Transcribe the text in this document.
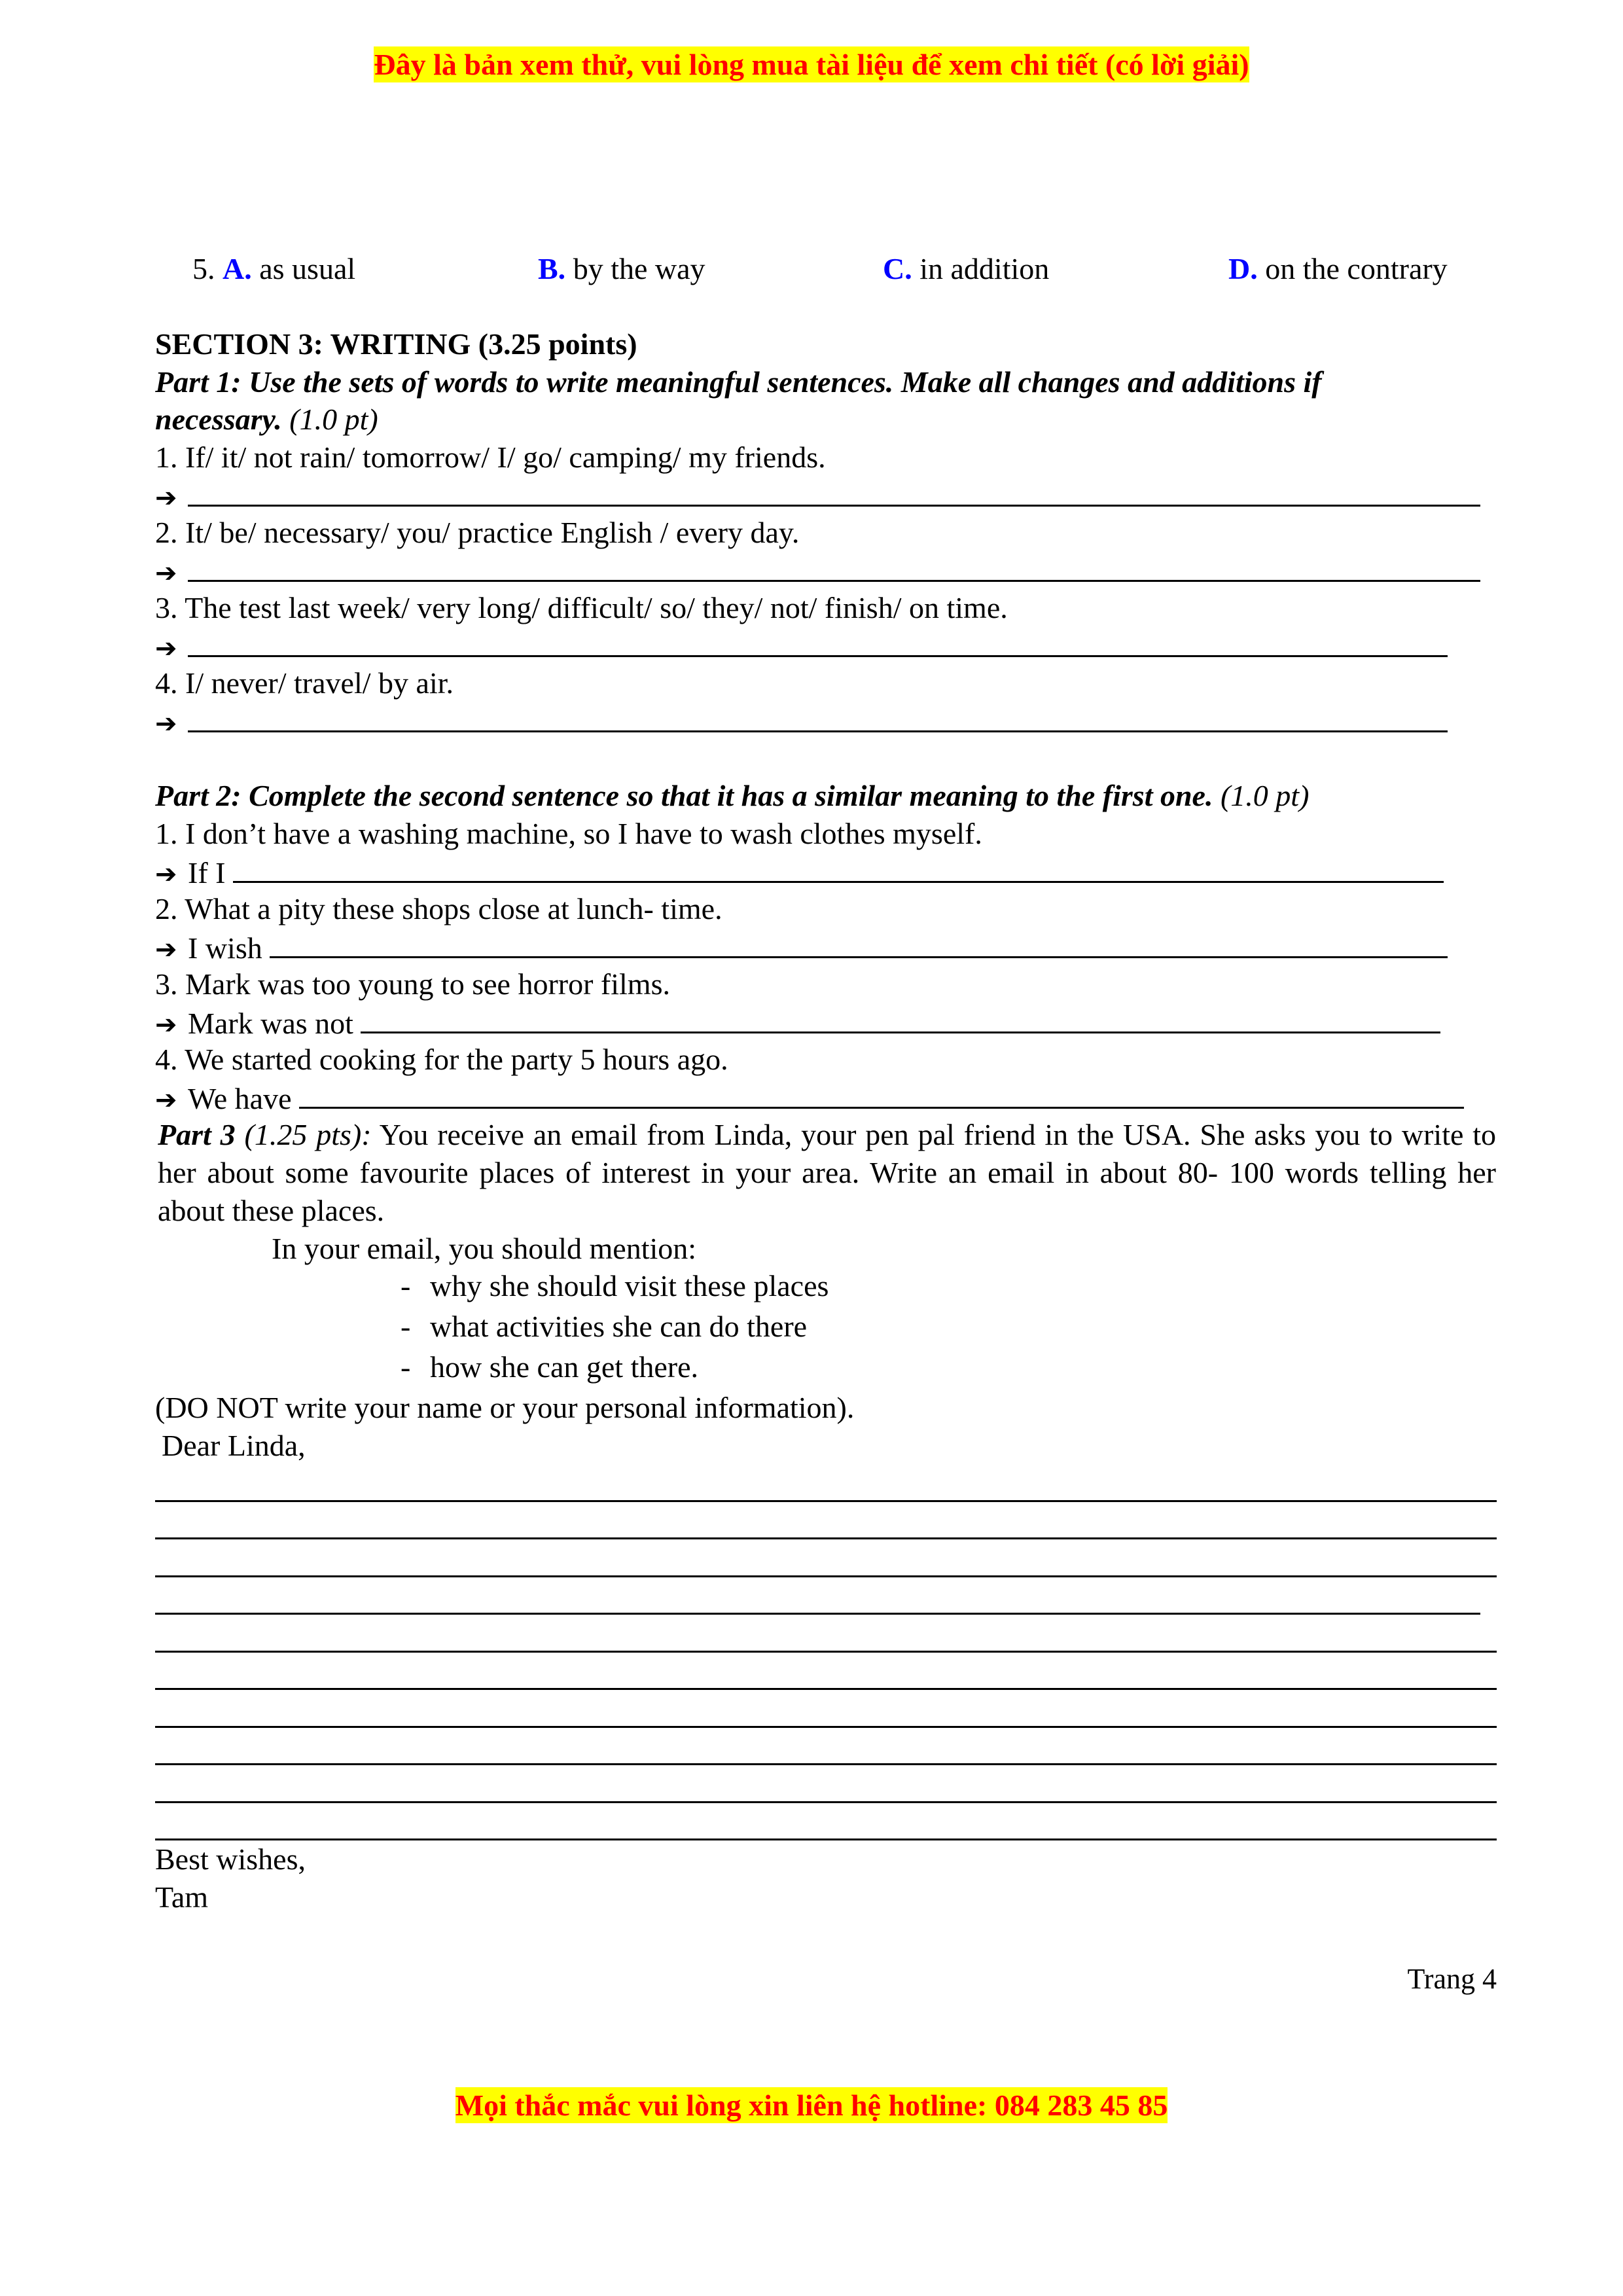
Đây là bản xem thử, vui lòng mua tài liệu để xem chi tiết (có lời giải)
5. A. as usual	B. by the way	C. in addition	D. on the contrary
SECTION 3: WRITING (3.25 points)
Part 1: Use the sets of words to write meaningful sentences. Make all changes and additions if
necessary. (1.0 pt)
1. If/ it/ not rain/ tomorrow/ I/ go/ camping/ my friends.
➔
2. It/ be/ necessary/ you/ practice English / every day.
➔
3. The test last week/ very long/ difficult/ so/ they/ not/ finish/ on time.
➔
4. I/ never/ travel/ by air.
➔
Part 2: Complete the second sentence so that it has a similar meaning to the first one. (1.0 pt)
1. I don’t have a washing machine, so I have to wash clothes myself.
➔ If I
2. What a pity these shops close at lunch- time.
➔ I wish
3. Mark was too young to see horror films.
➔ Mark was not
4. We started cooking for the party 5 hours ago.
➔ We have
Part 3 (1.25 pts): You receive an email from Linda, your pen pal friend in the USA. She asks you to write to her about some favourite places of interest in your area. Write an email in about 80- 100 words telling her about these places.
In your email, you should mention:
- why she should visit these places
- what activities she can do there
- how she can get there.
(DO NOT write your name or your personal information).
Dear Linda,
Best wishes,
Tam
Trang 4
Mọi thắc mắc vui lòng xin liên hệ hotline: 084 283 45 85
